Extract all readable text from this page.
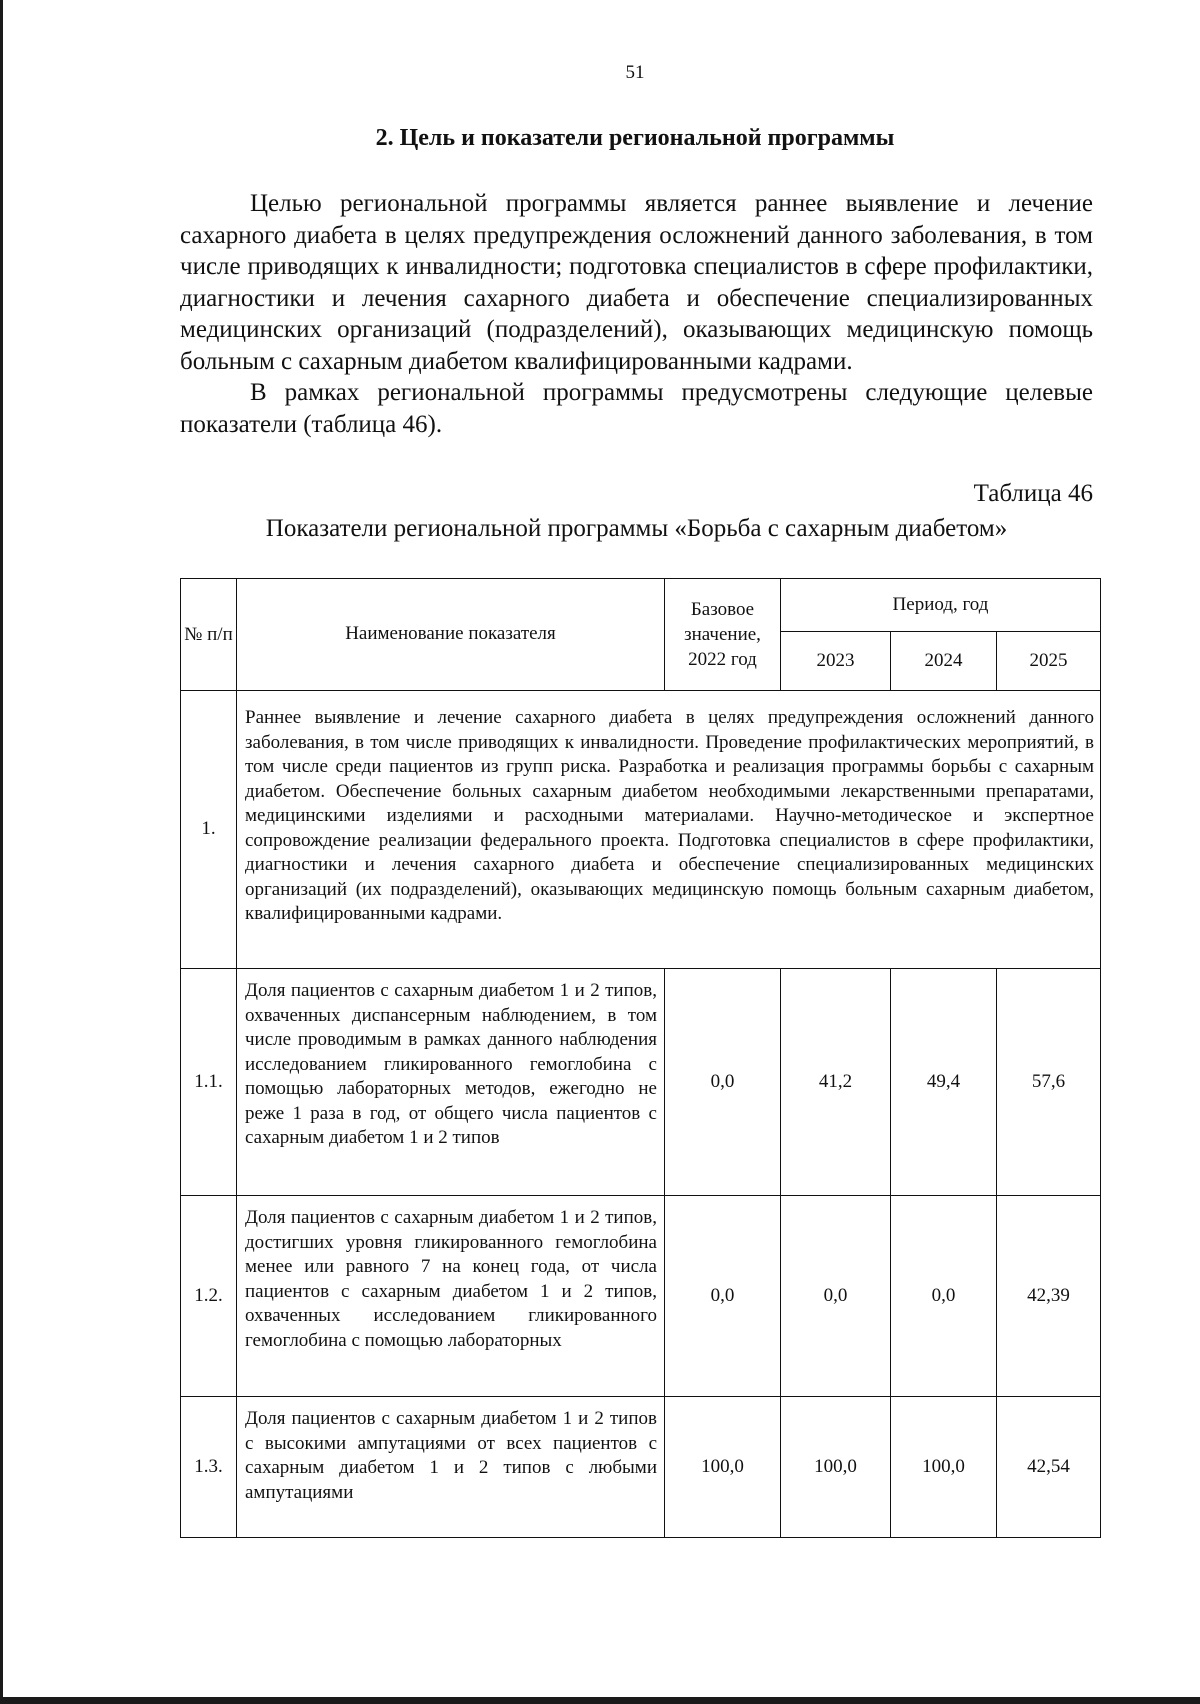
51
2. Цель и показатели региональной программы

Целью региональной программы является раннее выявление и лечение сахарного диабета в целях предупреждения осложнений данного заболевания, в том числе приводящих к инвалидности; подготовка специалистов в сфере профилактики, диагностики и лечения сахарного диабета и обеспечение специализированных медицинских организаций (подразделений), оказывающих медицинскую помощь больным с сахарным диабетом квалифицированными кадрами.

В рамках региональной программы предусмотрены следующие целевые показатели (таблица 46).

Таблица 46
Показатели региональной программы «Борьба с сахарным диабетом»
№ п/п	Наименование показателя	Базовое значение, 2022 год	Период, год		
			2023	2024	2025
1.	Раннее выявление и лечение сахарного диабета в целях предупреждения осложнений данного заболевания, в том числе приводящих к инвалидности. Проведение профилактических мероприятий, в том числе среди пациентов из групп риска. Разработка и реализация программы борьбы с сахарным диабетом. Обеспечение больных сахарным диабетом необходимыми лекарственными препаратами, медицинскими изделиями и расходными материалами. Научно-методическое и экспертное сопровождение реализации федерального проекта. Подготовка специалистов в сфере профилактики, диагностики и лечения сахарного диабета и обеспечение специализированных медицинских организаций (их подразделений), оказывающих медицинскую помощь больным сахарным диабетом, квалифицированными кадрами.				
1.1.	Доля пациентов с сахарным диабетом 1 и 2 типов, охваченных диспансерным наблюдением, в том числе проводимым в рамках данного наблюдения исследованием гликированного гемоглобина с помощью лабораторных методов, ежегодно не реже 1 раза в год, от общего числа пациентов с сахарным диабетом 1 и 2 типов	0,0	41,2	49,4	57,6
1.2.	Доля пациентов с сахарным диабетом 1 и 2 типов, достигших уровня гликированного гемоглобина менее или равного 7 на конец года, от числа пациентов с сахарным диабетом 1 и 2 типов, охваченных исследованием гликированного гемоглобина с помощью лабораторных	0,0	0,0	0,0	42,39
1.3.	Доля пациентов с сахарным диабетом 1 и 2 типов с высокими ампутациями от всех пациентов с сахарным диабетом 1 и 2 типов с любыми ампутациями	100,0	100,0	100,0	42,54
